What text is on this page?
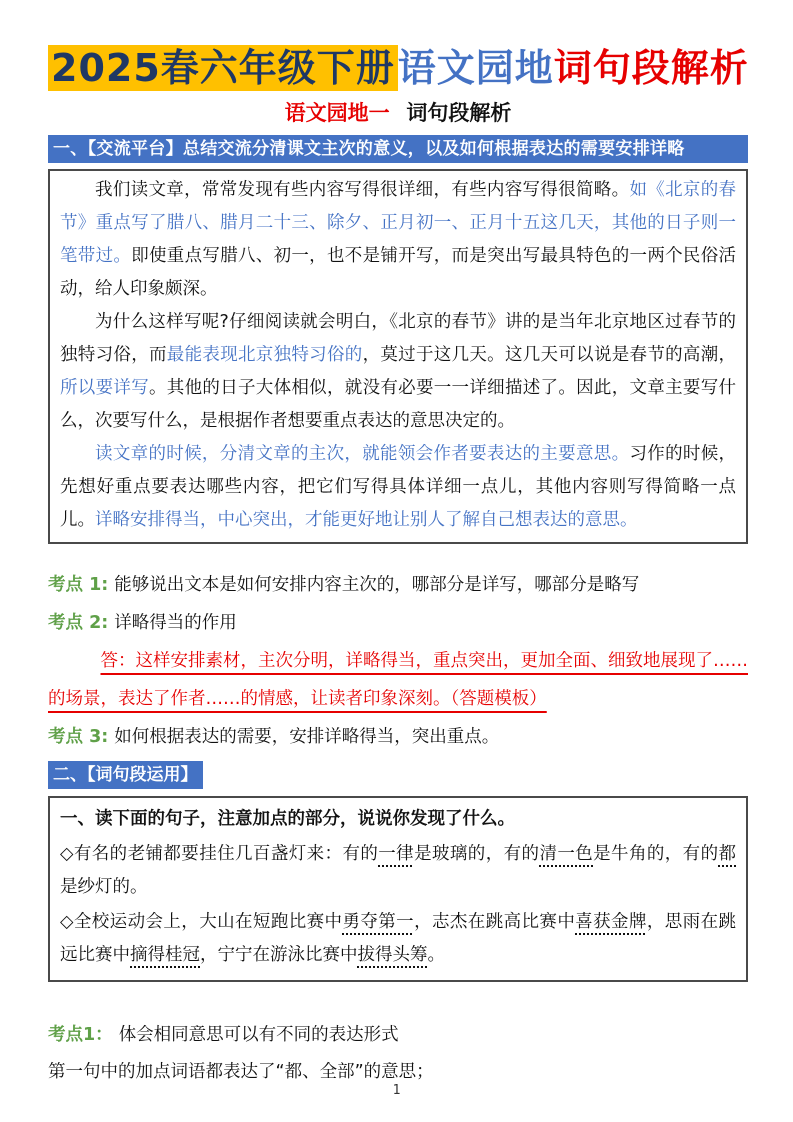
2025春六年级下册语文园地词句段解析
语文园地一 词句段解析
一、【交流平台】总结交流分清课文主次的意义，以及如何根据表达的需要安排详略

我们读文章，常常发现有些内容写得很详细，有些内容写得很简略。如《北京的春节》重点写了腊八、腊月二十三、除夕、正月初一、正月十五这几天，其他的日子则一笔带过。即使重点写腊八、初一，也不是铺开写，而是突出写最具特色的一两个民俗活动，给人印象颇深。

为什么这样写呢?仔细阅读就会明白，《北京的春节》讲的是当年北京地区过春节的独特习俗，而最能表现北京独特习俗的，莫过于这几天。这几天可以说是春节的高潮，所以要详写。其他的日子大体相似，就没有必要一一详细描述了。因此，文章主要写什么，次要写什么，是根据作者想要重点表达的意思决定的。

读文章的时候，分清文章的主次，就能领会作者要表达的主要意思。习作的时候，先想好重点要表达哪些内容，把它们写得具体详细一点儿，其他内容则写得简略一点儿。详略安排得当，中心突出，才能更好地让别人了解自己想表达的意思。

考点 1: 能够说出文本是如何安排内容主次的，哪部分是详写，哪部分是略写

考点 2: 详略得当的作用

答：这样安排素材，主次分明，详略得当，重点突出，更加全面、细致地展现了……的场景，表达了作者……的情感，让读者印象深刻。（答题模板）

考点 3: 如何根据表达的需要，安排详略得当，突出重点。

二、【词句段运用】

一、读下面的句子，注意加点的部分，说说你发现了什么。

◇有名的老铺都要挂住几百盏灯来：有的一律是玻璃的，有的清一色是牛角的，有的都是纱灯的。

◇全校运动会上，大山在短跑比赛中勇夺第一，志杰在跳高比赛中喜获金牌，思雨在跳远比赛中摘得桂冠，宁宁在游泳比赛中拔得头筹。

考点1： 体会相同意思可以有不同的表达形式

第一句中的加点词语都表达了“都、全部”的意思；

1
